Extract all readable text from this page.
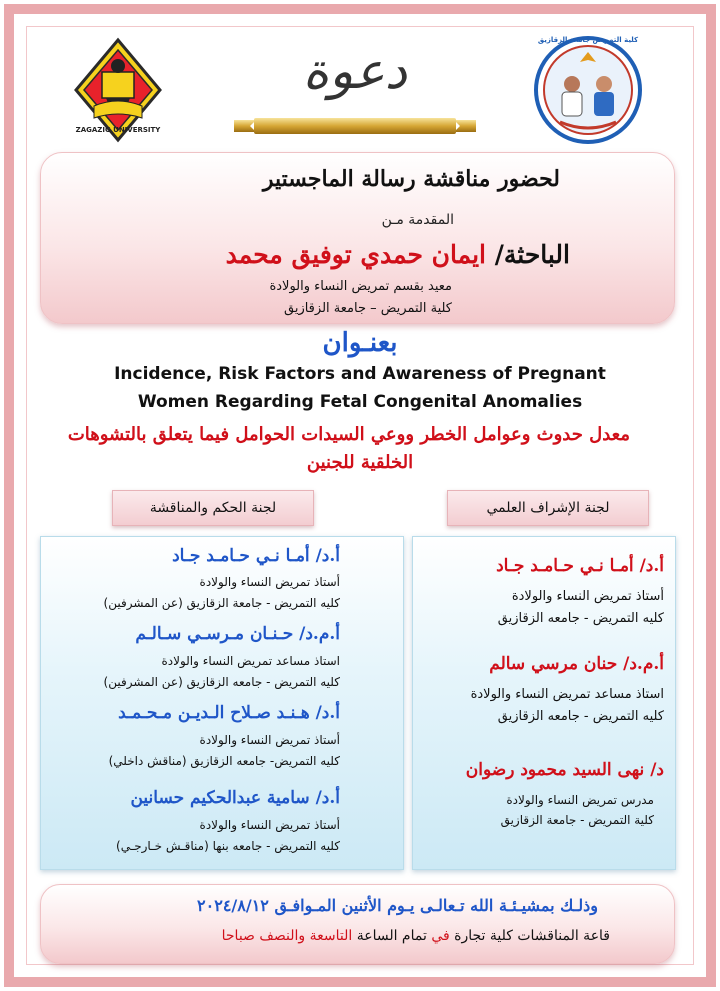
ZAGAZIG UNIVERSITY
دعوة
كلية التمريض جامعة الزقازيق
لحضور مناقشة رسالة الماجستير
المقدمة مـن
الباحثة/ ايمان حمدي توفيق محمد
معيد بقسم تمريض النساء والولادة
كلية التمريض – جامعة الزقازيق
بعنـوان
Incidence, Risk Factors and Awareness of Pregnant
Women Regarding Fetal Congenital Anomalies
معدل حدوث وعوامل الخطر ووعي السيدات الحوامل فيما يتعلق بالتشوهات
الخلقية للجنين
لجنة الحكم والمناقشة	لجنة الإشراف العلمي
أ.د/ أمـا نـي حـامـد جـاد
أستاذ تمريض النساء والولادة
كليه التمريض - جامعة الزقازيق (عن المشرفين)
أ.م.د/ حـنـان مـرسـي سـالـم
استاذ مساعد تمريض النساء والولادة
كليه التمريض - جامعه الزقازيق (عن المشرفين)
أ.د/ هـنـد صـلاح الـديـن مـحـمـد
أستاذ تمريض النساء والولادة
كليه التمريض- جامعه الزقازيق (مناقش داخلي)
أ.د/ سامية عبدالحكيم حسانين
أستاذ تمريض النساء والولادة
كليه التمريض - جامعه بنها (مناقـش خـارجـي)
أ.د/ أمـا نـي حـامـد جـاد
أستاذ تمريض النساء والولادة
كليه التمريض - جامعه الزقازيق
أ.م.د/ حنان مرسي سالم
استاذ مساعد تمريض النساء والولادة
كليه التمريض - جامعه الزقازيق
د/ نهى السيد محمود رضوان
مدرس تمريض النساء والولادة
كلية التمريض - جامعة الزقازيق
وذلـك بمشيـئـة الله تـعالـى يـوم الأثنين المـوافـق ٢٠٢٤/٨/١٢
قاعة المناقشات كلية تجارة في تمام الساعة التاسعة والنصف صباحا
